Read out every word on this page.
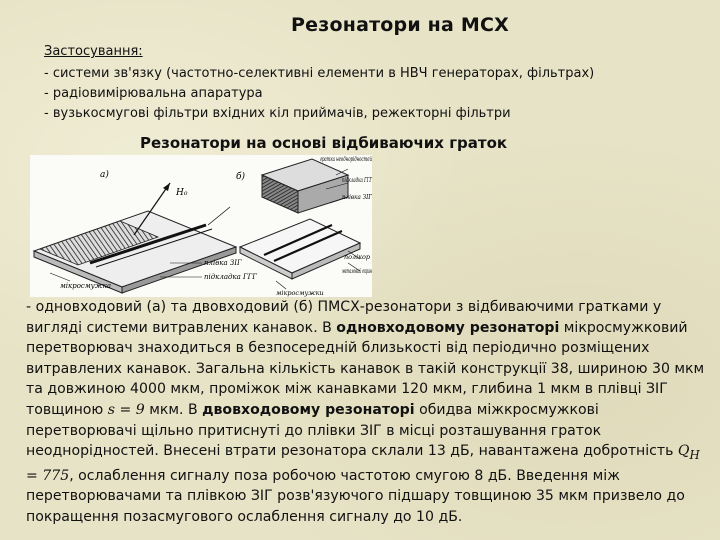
Резонатори на МСХ
Застосування:
- системи зв'язку (частотно-селективні елементи в НВЧ генераторах, фільтрах)
- радіовимірювальна апаратура
- вузькосмугові фільтри вхідних кіл приймачів, режекторні фільтри
Резонатори на основі відбиваючих граток
a)
H₀
мікросмужка
плівка ЗІГ
підкладка ГГГ
б)
гратка неоднорідностей
підкладка ГГГ
плівка ЗІГ
полікор
металевий екран
мікросмужки

- одновходовий (а) та двовходовий (б) ПМСХ-резонатори з відбиваючими гратками у вигляді системи витравлених канавок. В одновходовому резонаторі мікросмужковий перетворювач знаходиться в безпосередній близькості від періодично розміщених витравлених канавок. Загальна кількість канавок в такій конструкції 38, шириною 30 мкм та довжиною 4000 мкм, проміжок між канавками 120 мкм, глибина 1 мкм в плівці ЗІГ товщиною s = 9 мкм. В двовходовому резонаторі обидва міжкросмужкові перетворювачі щільно притиснуті до плівки ЗІГ в місці розташування граток неоднорідностей. Внесені втрати резонатора склали 13 дБ, навантажена добротність $Q_H = 775$, ослаблення сигналу поза робочою частотою смугою 8 дБ. Введення між перетворювачами та плівкою ЗІГ розв'язуючого підшару товщиною 35 мкм призвело до покращення позасмугового ослаблення сигналу до 10 дБ.
